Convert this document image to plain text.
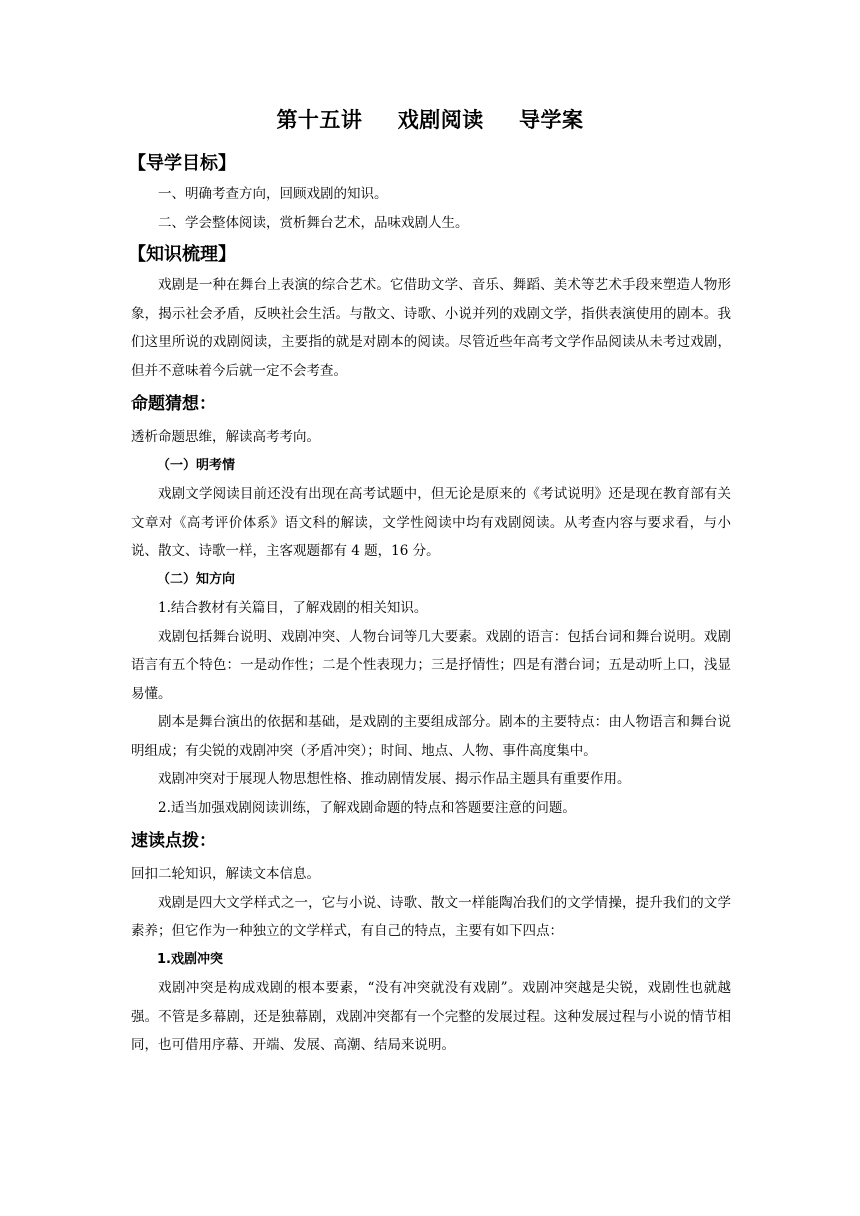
第十五讲　 戏剧阅读　 导学案
【导学目标】

一、明确考查方向，回顾戏剧的知识。

二、学会整体阅读，赏析舞台艺术，品味戏剧人生。

【知识梳理】

戏剧是一种在舞台上表演的综合艺术。它借助文学、音乐、舞蹈、美术等艺术手段来塑造人物形象，揭示社会矛盾，反映社会生活。与散文、诗歌、小说并列的戏剧文学，指供表演使用的剧本。我们这里所说的戏剧阅读，主要指的就是对剧本的阅读。尽管近些年高考文学作品阅读从未考过戏剧，但并不意味着今后就一定不会考查。

命题猜想：

透析命题思维，解读高考考向。

（一）明考情

戏剧文学阅读目前还没有出现在高考试题中，但无论是原来的《考试说明》还是现在教育部有关文章对《高考评价体系》语文科的解读，文学性阅读中均有戏剧阅读。从考查内容与要求看，与小说、散文、诗歌一样，主客观题都有 4 题，16 分。

（二）知方向

1.结合教材有关篇目，了解戏剧的相关知识。

戏剧包括舞台说明、戏剧冲突、人物台词等几大要素。戏剧的语言：包括台词和舞台说明。戏剧语言有五个特色：一是动作性；二是个性表现力；三是抒情性；四是有潜台词；五是动听上口，浅显易懂。

剧本是舞台演出的依据和基础，是戏剧的主要组成部分。剧本的主要特点：由人物语言和舞台说明组成；有尖锐的戏剧冲突（矛盾冲突）；时间、地点、人物、事件高度集中。

戏剧冲突对于展现人物思想性格、推动剧情发展、揭示作品主题具有重要作用。

2.适当加强戏剧阅读训练，了解戏剧命题的特点和答题要注意的问题。

速读点拨：

回扣二轮知识，解读文本信息。

戏剧是四大文学样式之一，它与小说、诗歌、散文一样能陶冶我们的文学情操，提升我们的文学素养；但它作为一种独立的文学样式，有自己的特点，主要有如下四点：

1.戏剧冲突

戏剧冲突是构成戏剧的根本要素，“没有冲突就没有戏剧”。戏剧冲突越是尖锐，戏剧性也就越强。不管是多幕剧，还是独幕剧，戏剧冲突都有一个完整的发展过程。这种发展过程与小说的情节相同，也可借用序幕、开端、发展、高潮、结局来说明。
